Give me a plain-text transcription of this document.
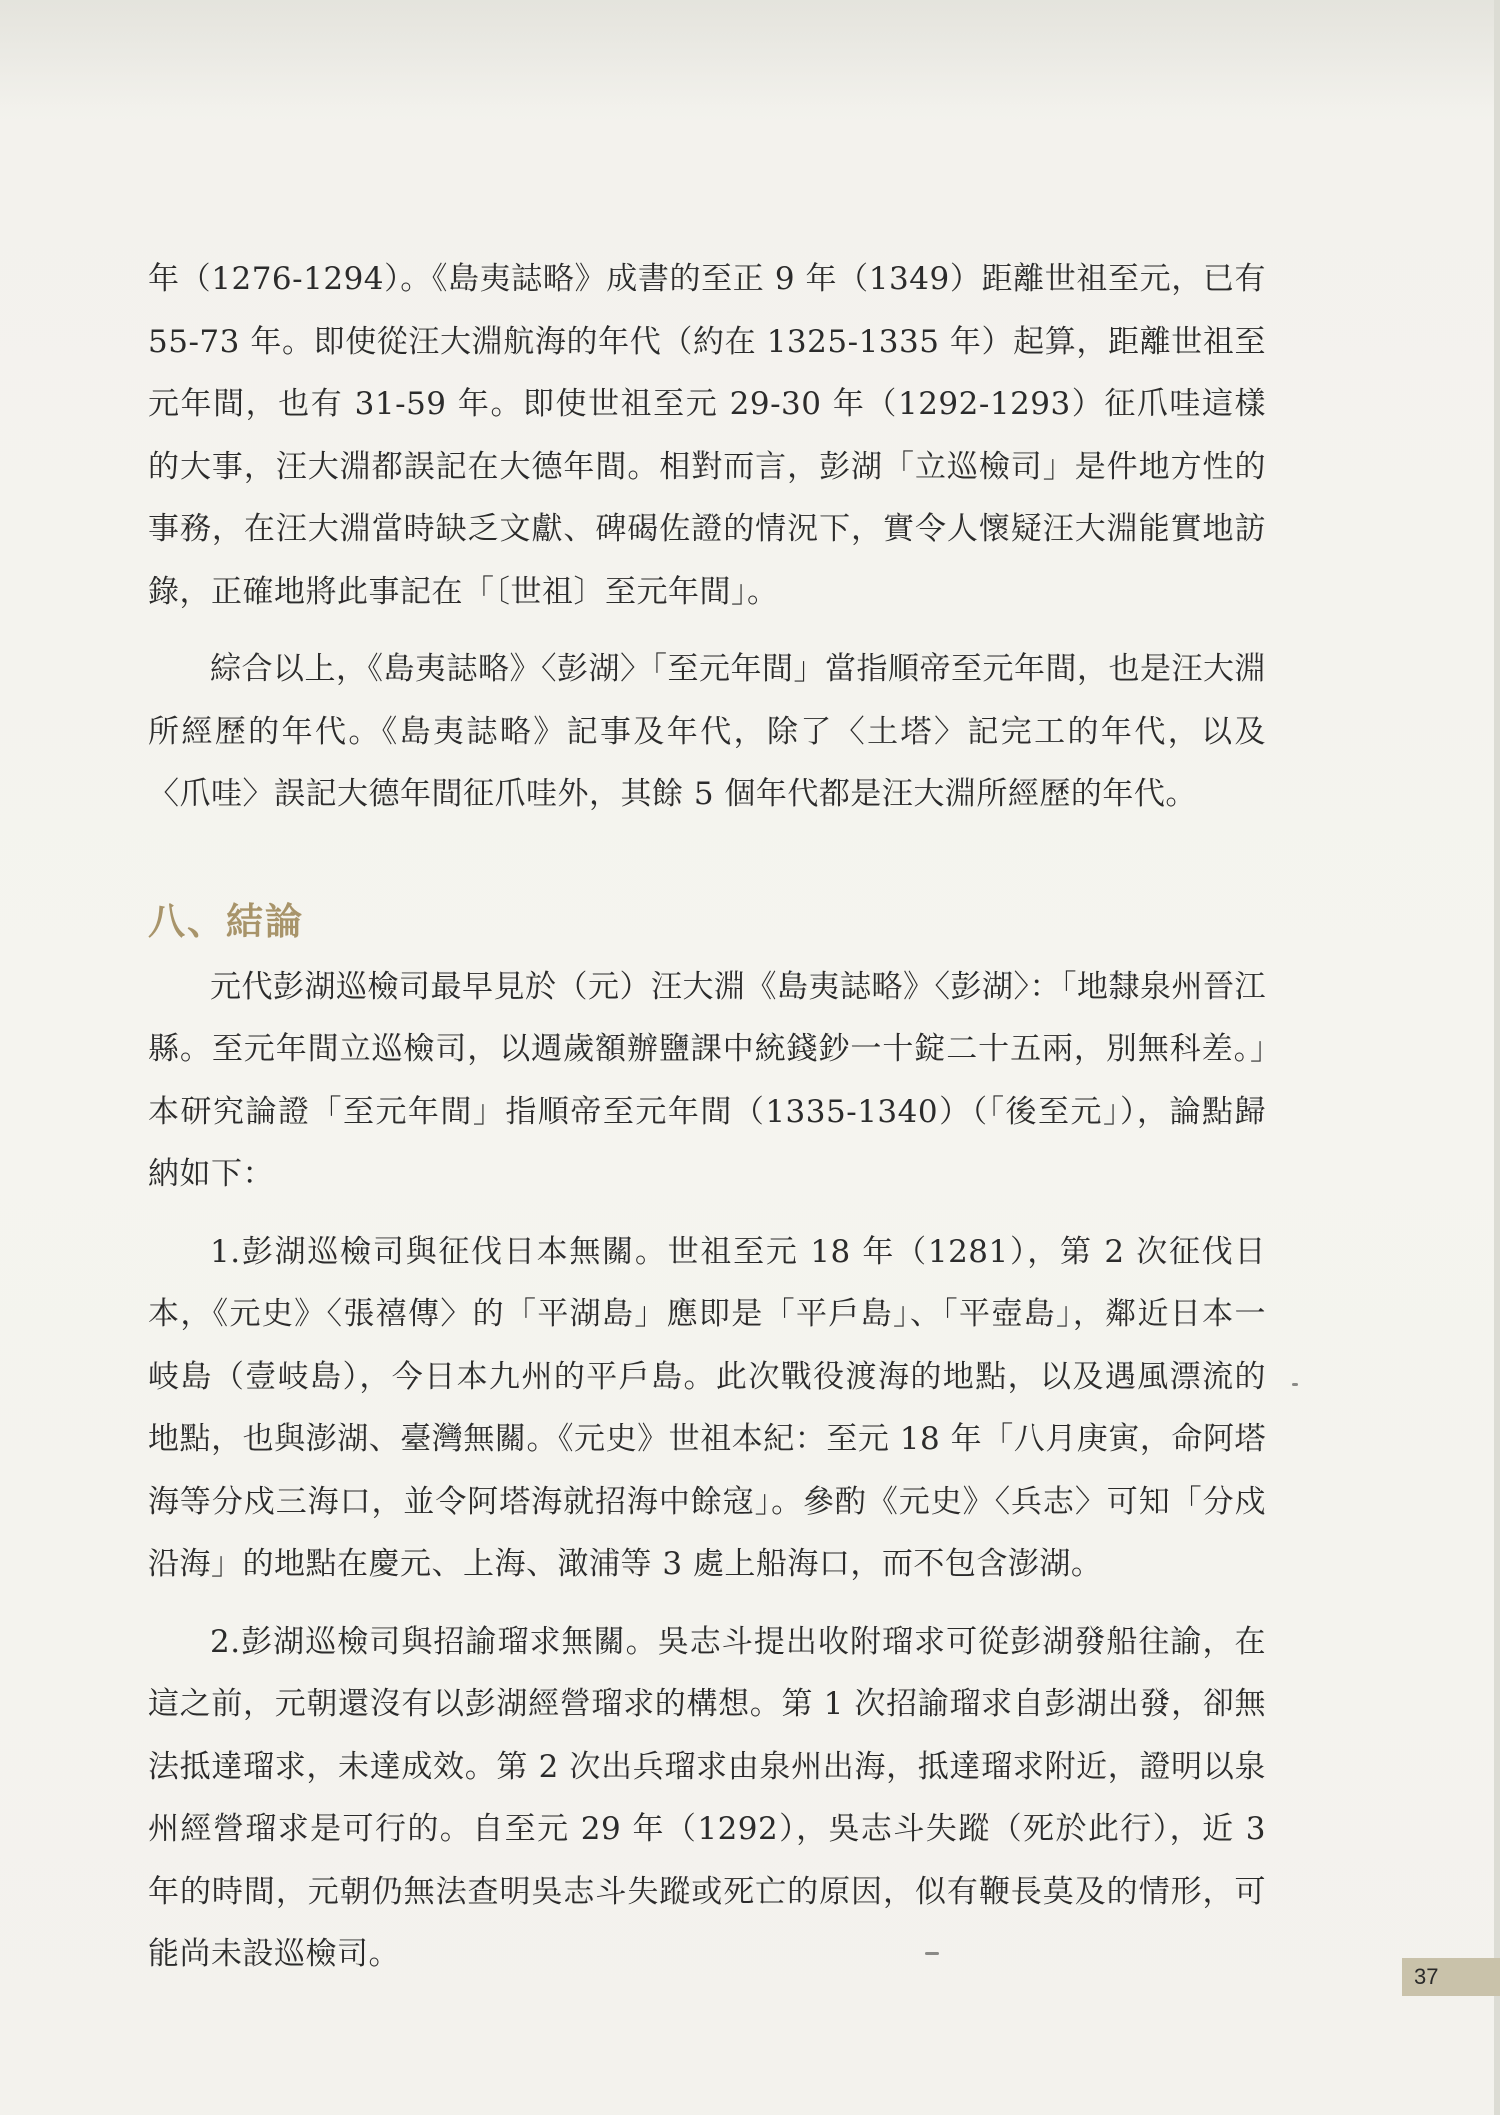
年（1276-1294）。《島夷誌略》成書的至正 9 年（1349）距離世祖至元，已有 55-73 年。即使從汪大淵航海的年代（約在 1325-1335 年）起算，距離世祖至元年間，也有 31-59 年。即使世祖至元 29-30 年（1292-1293）征爪哇這樣的大事，汪大淵都誤記在大德年間。相對而言，彭湖「立巡檢司」是件地方性的事務，在汪大淵當時缺乏文獻、碑碣佐證的情況下，實令人懷疑汪大淵能實地訪錄，正確地將此事記在「〔世祖〕至元年間」。

綜合以上，《島夷誌略》〈彭湖〉「至元年間」當指順帝至元年間，也是汪大淵所經歷的年代。《島夷誌略》記事及年代，除了〈土塔〉記完工的年代，以及〈爪哇〉誤記大德年間征爪哇外，其餘 5 個年代都是汪大淵所經歷的年代。

八、結論

元代彭湖巡檢司最早見於（元）汪大淵《島夷誌略》〈彭湖〉：「地隸泉州晉江縣。至元年間立巡檢司，以週歲額辦鹽課中統錢鈔一十錠二十五兩，別無科差。」本研究論證「至元年間」指順帝至元年間（1335-1340）（「後至元」），論點歸納如下：

1.彭湖巡檢司與征伐日本無關。世祖至元 18 年（1281），第 2 次征伐日本，《元史》〈張禧傳〉的「平湖島」應即是「平戶島」、「平壺島」，鄰近日本一岐島（壹岐島），今日本九州的平戶島。此次戰役渡海的地點，以及遇風漂流的地點，也與澎湖、臺灣無關。《元史》世祖本紀：至元 18 年「八月庚寅，命阿塔海等分戍三海口，並令阿塔海就招海中餘寇」。參酌《元史》〈兵志〉可知「分戍沿海」的地點在慶元、上海、澉浦等 3 處上船海口，而不包含澎湖。

2.彭湖巡檢司與招諭瑠求無關。吳志斗提出收附瑠求可從彭湖發船往諭，在這之前，元朝還沒有以彭湖經營瑠求的構想。第 1 次招諭瑠求自彭湖出發，卻無法抵達瑠求，未達成效。第 2 次出兵瑠求由泉州出海，抵達瑠求附近，證明以泉州經營瑠求是可行的。自至元 29 年（1292），吳志斗失蹤（死於此行），近 3 年的時間，元朝仍無法查明吳志斗失蹤或死亡的原因，似有鞭長莫及的情形，可能尚未設巡檢司。

37
